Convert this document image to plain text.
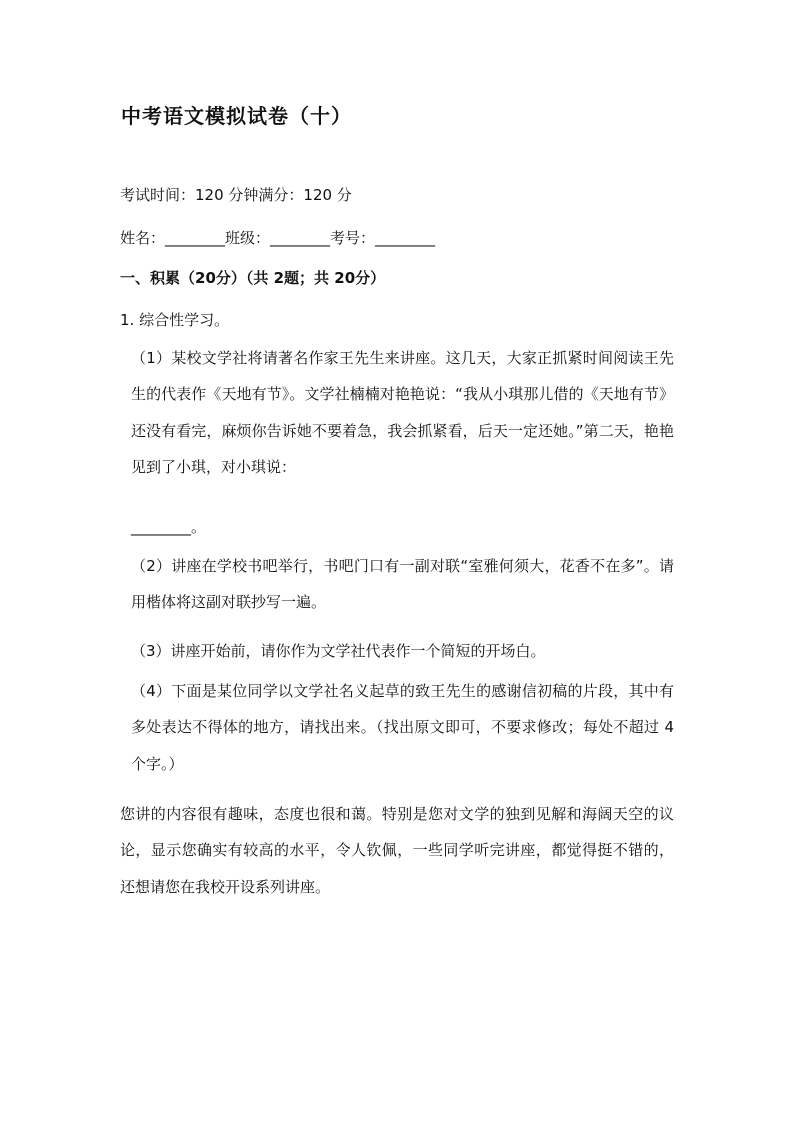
中考语文模拟试卷（十）
考试时间：120 分钟满分：120 分
姓名：________班级：________考号：________
一、积累（20分）（共 2题；共 20分）
1. 综合性学习。

（1）某校文学社将请著名作家王先生来讲座。这几天，大家正抓紧时间阅读王先生的代表作《天地有节》。文学社楠楠对艳艳说：“我从小琪那儿借的《天地有节》还没有看完，麻烦你告诉她不要着急，我会抓紧看，后天一定还她。”第二天，艳艳见到了小琪，对小琪说：

________。

（2）讲座在学校书吧举行，书吧门口有一副对联“室雅何须大，花香不在多”。请用楷体将这副对联抄写一遍。

（3）讲座开始前，请你作为文学社代表作一个简短的开场白。

（4）下面是某位同学以文学社名义起草的致王先生的感谢信初稿的片段，其中有多处表达不得体的地方，请找出来。（找出原文即可，不要求修改；每处不超过 4 个字。）

您讲的内容很有趣味，态度也很和蔼。特别是您对文学的独到见解和海阔天空的议论，显示您确实有较高的水平，令人钦佩，一些同学听完讲座，都觉得挺不错的，还想请您在我校开设系列讲座。
